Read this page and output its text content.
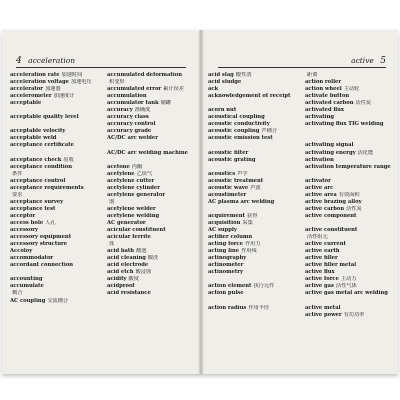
4 acceleration
acceleration rate 加速时间
acceleration voltage 加速电压
accelerator 加速器
accelerometer 加速度计
acceptable
acceptable quality level
acceptable velocity
acceptable weld
acceptance certificate
acceptance check 验收
acceptance condition
条件
acceptance control
acceptance requirements
要求
acceptance survey
acceptance test
acceptor
access hole 人孔
accessory
accessory equipment
accessory structure
Accoloy
accommodator
accordant connection
accounting
accumulate
耦合
AC coupling 交流耦合
accumulated deformation
积变形
accumulated error 累计误差
accumulation
accumulator tank 储罐
accuracy 准确度
accuracy class
accuracy control
accuracy grade
AC/DC arc welder
AC/DC arc welding machine
acetone 丙酮
acetylene 乙炔气
acetylene cutter
acetylene cylinder
acetylene generator
器
acetylene welder
acetylene welding
AC generator
acicular constituent
acicular ferrite
体
acid bath 酸池
acid cleaning 酸洗
acid electrode
acid etch 酸浸蚀
acidity 酸度
acidproof
acid resistance
active 5
acid slag 酸性渣
acid sludge
ack
acknowledgement of receipt
acorn nut
acoustical coupling
acoustic conductivity
acoustic coupling 声耦合
acoustic emission test
acoustic filter
acoustic grating
acoustics 声学
acoustic treatment
acoustic wave 声波
acoustimeter
AC plasma arc welding
acquirement 获得
acquisition 采集
AC supply
actifier column
acting force 作用力
acting line 作用线
actinography
actinometer
actinometry
action element 执行元件
action pulse
action radius 作用半径
距离
action roller
action wheel 主动轮
activate button
activated carbon 活性炭
activated flux
activating
activating flux TIG welding
activating signal
activating energy 活化能
activation
activation temperature range
activator
active arc
active area 有效面积
active brazing alloy
active carbon 活性炭
active component
active constituent
活性组元
active current
active earth
active filler
active filler metal
active flux
active force 主动力
active gas 活性气体
active gas metal arc welding
active metal
active power 有功功率
